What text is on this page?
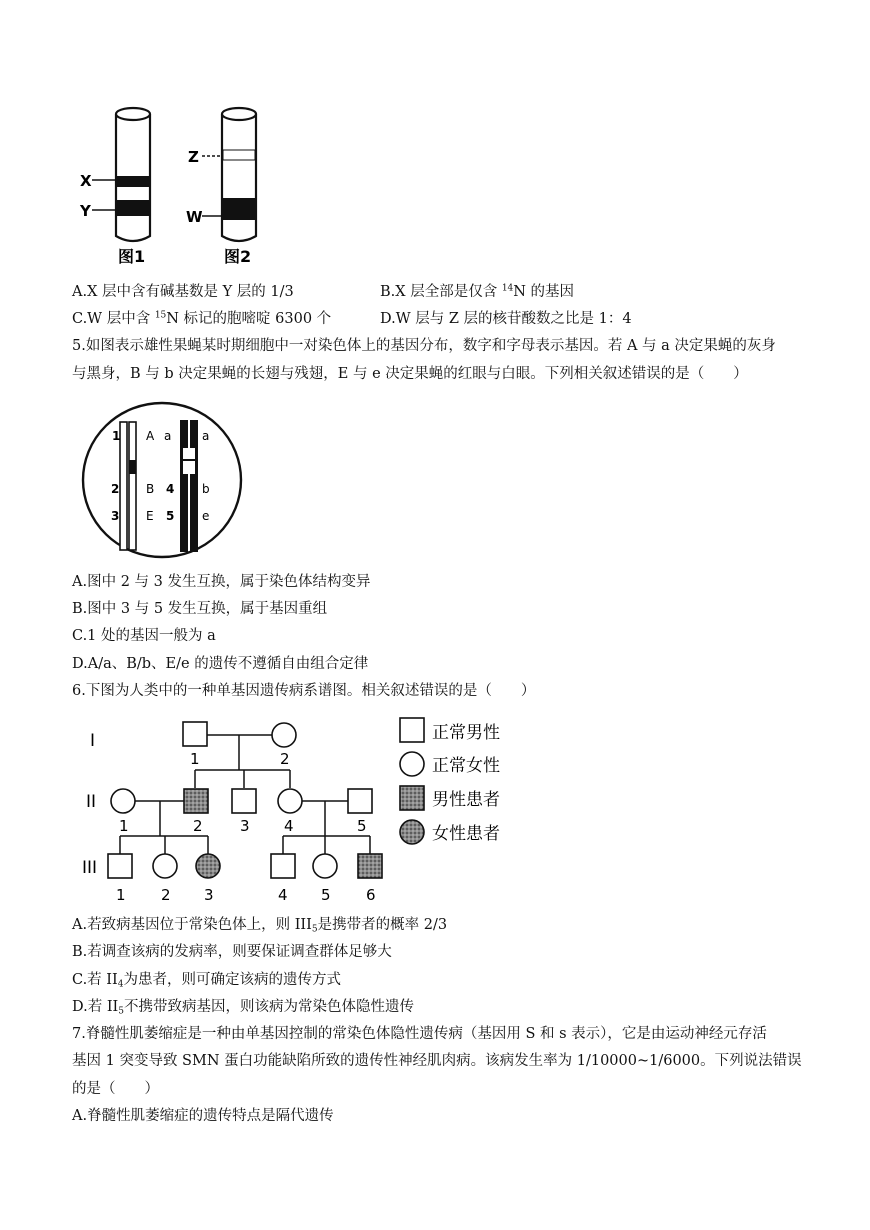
X
Y
图1
Z
W
图2
A.X 层中含有碱基数是 Y 层的 1/3	B.X 层全部是仅含 $^{14}$N 的基因
C.W 层中含 $^{15}$N 标记的胞嘧啶 6300 个	D.W 层与 Z 层的核苷酸数之比是 1：4
5.如图表示雄性果蝇某时期细胞中一对染色体上的基因分布，数字和字母表示基因。若 A 与 a 决定果蝇的灰身
与黑身，B 与 b 决定果蝇的长翅与残翅，E 与 e 决定果蝇的红眼与白眼。下列相关叙述错误的是（　　）
1
2
3
A
B
E
a
4
5
a
b
e
A.图中 2 与 3 发生互换，属于染色体结构变异
B.图中 3 与 5 发生互换，属于基因重组
C.1 处的基因一般为 a
D.A/a、B/b、E/e 的遗传不遵循自由组合定律
6.下图为人类中的一种单基因遗传病系谱图。相关叙述错误的是（　　）
I
II
III
1	2
1	2 3 4	5
1 2 3	4 5 6
正常男性
正常女性
男性患者
女性患者
A.若致病基因位于常染色体上，则 $III_5$是携带者的概率 2/3
B.若调查该病的发病率，则要保证调查群体足够大
C.若 $II_4$为患者，则可确定该病的遗传方式
D.若 $II_5$不携带致病基因，则该病为常染色体隐性遗传
7.脊髓性肌萎缩症是一种由单基因控制的常染色体隐性遗传病（基因用 S 和 s 表示），它是由运动神经元存活
基因 1 突变导致 SMN 蛋白功能缺陷所致的遗传性神经肌肉病。该病发生率为 1/10000~1/6000。下列说法错误
的是（　　）
A.脊髓性肌萎缩症的遗传特点是隔代遗传
